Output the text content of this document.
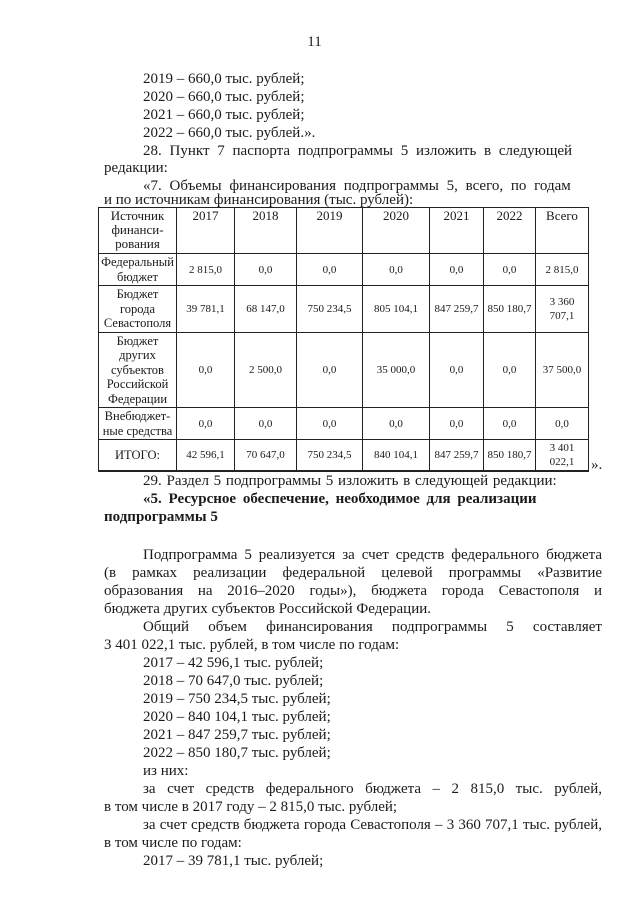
11
2019 – 660,0 тыс. рублей;
2020 – 660,0 тыс. рублей;
2021 – 660,0 тыс. рублей;
2022 – 660,0 тыс. рублей.».
28. Пункт 7 паспорта подпрограммы 5 изложить в следующей
редакции:
«7. Объемы финансирования подпрограммы 5, всего, по годам
и по источникам финансирования (тыс. рублей):
Источник финанси-рования	2017	2018	2019	2020	2021	2022	Всего
Федеральный бюджет	2 815,0	0,0	0,0	0,0	0,0	0,0	2 815,0
Бюджет города Севастополя	39 781,1	68 147,0	750 234,5	805 104,1	847 259,7	850 180,7	3 360 707,1
Бюджет других субъектов Российской Федерации	0,0	2 500,0	0,0	35 000,0	0,0	0,0	37 500,0
Внебюджет-ные средства	0,0	0,0	0,0	0,0	0,0	0,0	0,0
ИТОГО:	42 596,1	70 647,0	750 234,5	840 104,1	847 259,7	850 180,7	3 401 022,1 ».
29. Раздел 5 подпрограммы 5 изложить в следующей редакции:
«5. Ресурсное обеспечение, необходимое для реализации
подпрограммы 5
Подпрограмма 5 реализуется за счет средств федерального бюджета
(в рамках реализации федеральной целевой программы «Развитие
образования на 2016–2020 годы»), бюджета города Севастополя и
бюджета других субъектов Российской Федерации.
Общий объем финансирования подпрограммы 5 составляет
3 401 022,1 тыс. рублей, в том числе по годам:
2017 – 42 596,1 тыс. рублей;
2018 – 70 647,0 тыс. рублей;
2019 – 750 234,5 тыс. рублей;
2020 – 840 104,1 тыс. рублей;
2021 – 847 259,7 тыс. рублей;
2022 – 850 180,7 тыс. рублей;
из них:
за счет средств федерального бюджета – 2 815,0 тыс. рублей,
в том числе в 2017 году – 2 815,0 тыс. рублей;
за счет средств бюджета города Севастополя – 3 360 707,1 тыс. рублей,
в том числе по годам:
2017 – 39 781,1 тыс. рублей;
